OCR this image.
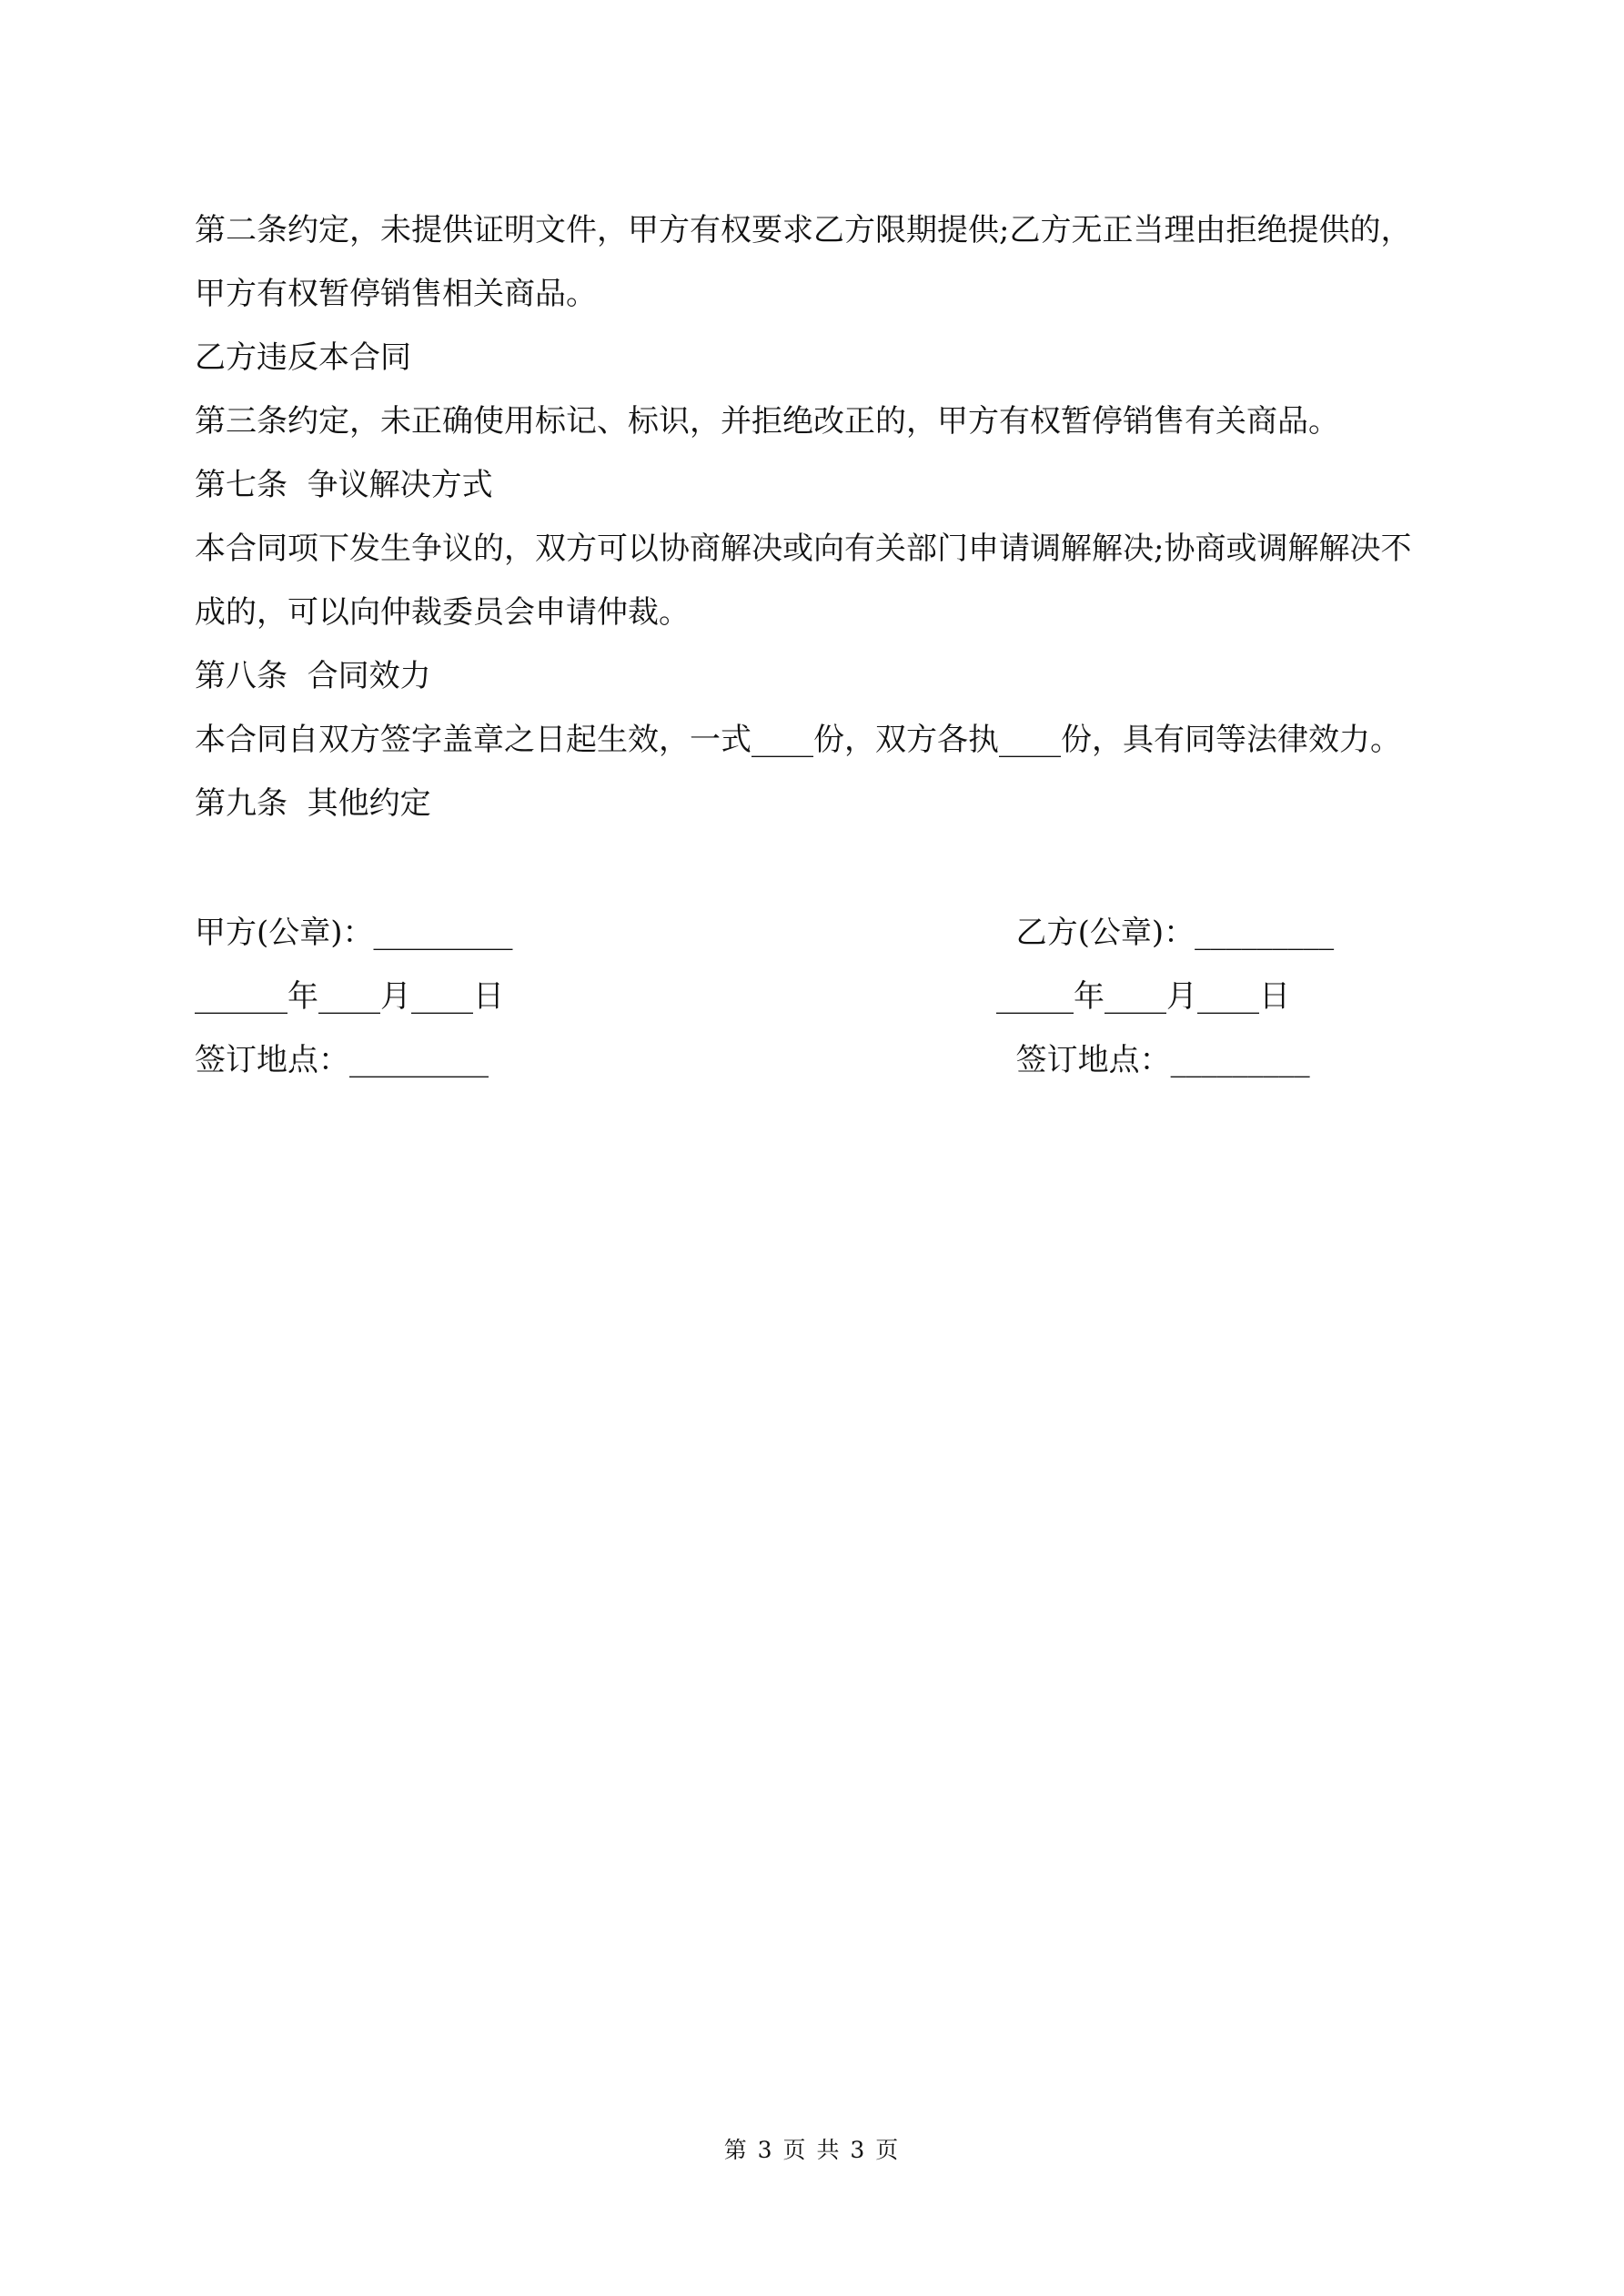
第二条约定，未提供证明文件，甲方有权要求乙方限期提供;乙方无正当理由拒绝提供的，甲方有权暂停销售相关商品。

乙方违反本合同

第三条约定，未正确使用标记、标识，并拒绝改正的，甲方有权暂停销售有关商品。

第七条  争议解决方式

本合同项下发生争议的，双方可以协商解决或向有关部门申请调解解决;协商或调解解决不成的，可以向仲裁委员会申请仲裁。

第八条  合同效力

本合同自双方签字盖章之日起生效，一式____份，双方各执____份，具有同等法律效力。

第九条  其他约定

甲方(公章)：_________

______年____月____日

签订地点：_________

乙方(公章)：_________

_____年____月____日

签订地点：_________

第 3 页 共 3 页
